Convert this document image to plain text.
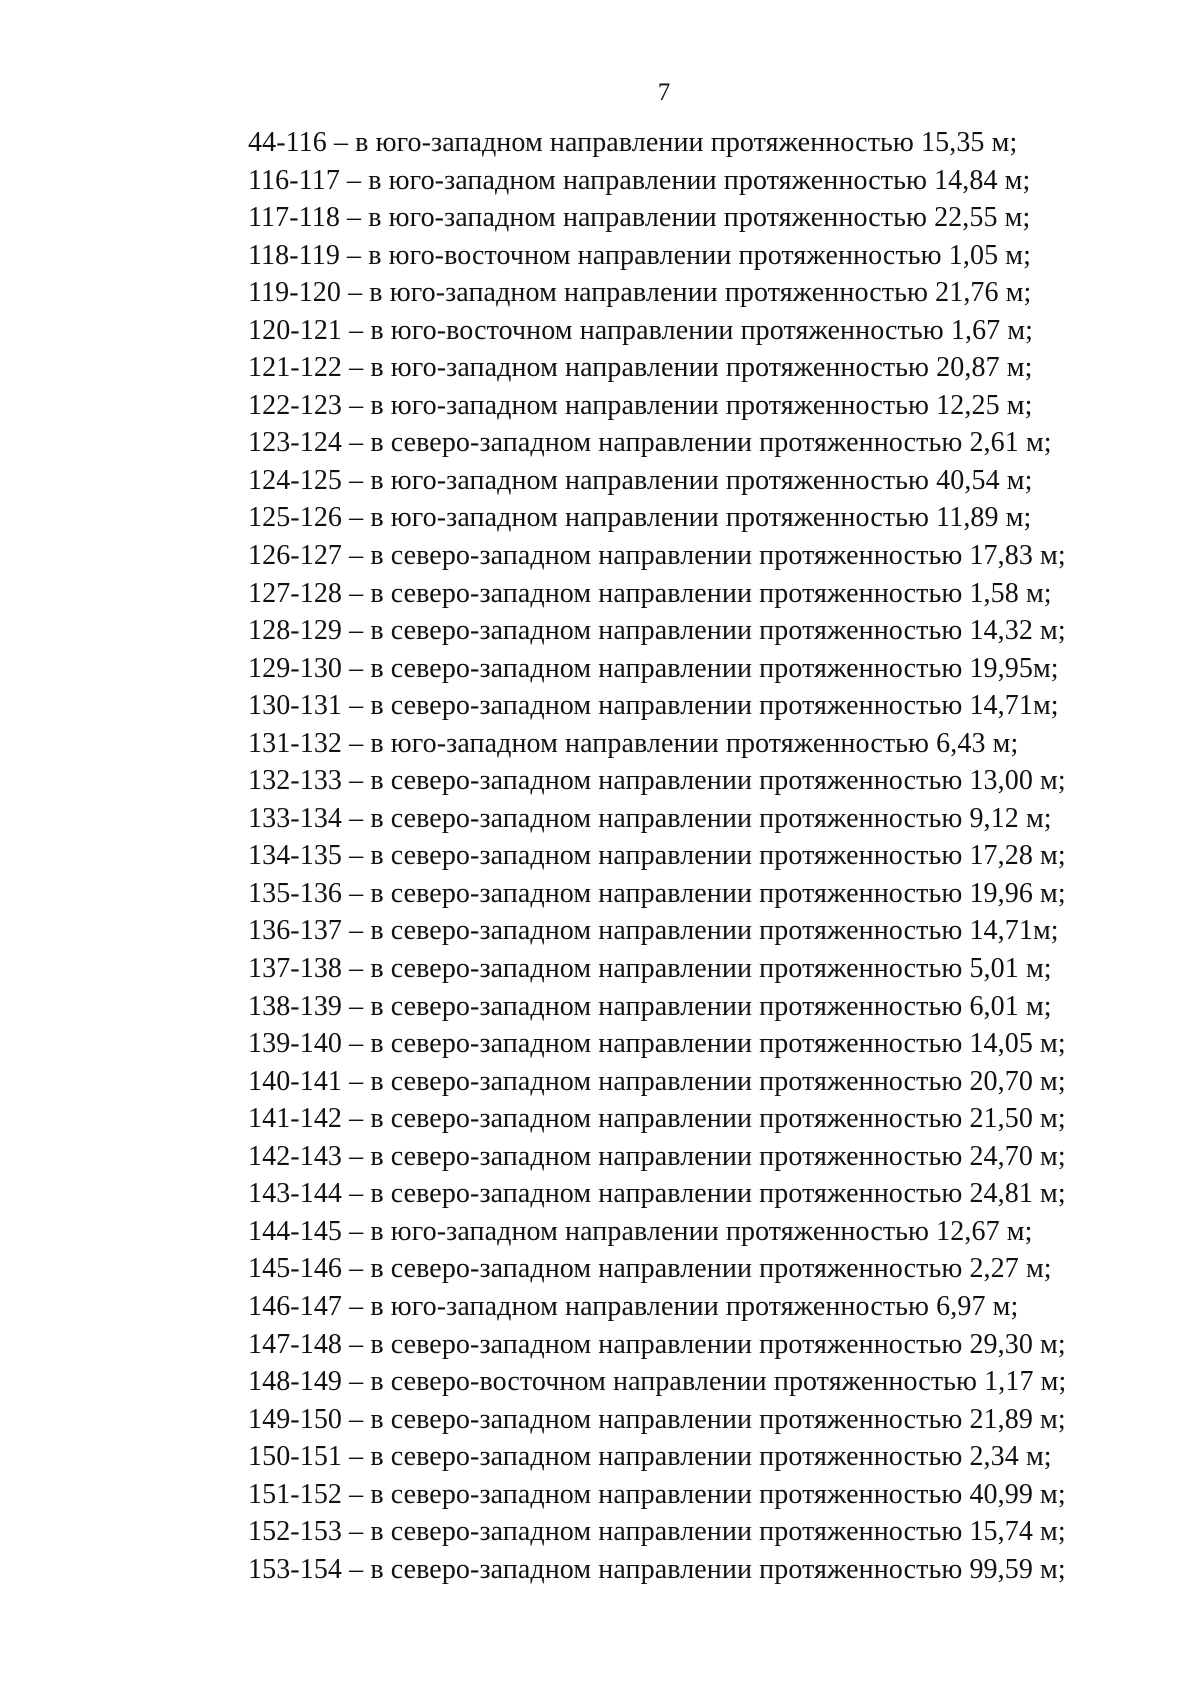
7
44-116 – в юго-западном направлении протяженностью 15,35 м;
116-117 – в юго-западном направлении протяженностью 14,84 м;
117-118 – в юго-западном направлении протяженностью 22,55 м;
118-119 – в юго-восточном направлении протяженностью 1,05 м;
119-120 – в юго-западном направлении протяженностью 21,76 м;
120-121 – в юго-восточном направлении протяженностью 1,67 м;
121-122 – в юго-западном направлении протяженностью 20,87 м;
122-123 – в юго-западном направлении протяженностью 12,25 м;
123-124 – в северо-западном направлении протяженностью 2,61 м;
124-125 – в юго-западном направлении протяженностью 40,54 м;
125-126 – в юго-западном направлении протяженностью 11,89 м;
126-127 – в северо-западном направлении протяженностью 17,83 м;
127-128 – в северо-западном направлении протяженностью 1,58 м;
128-129 – в северо-западном направлении протяженностью 14,32 м;
129-130 – в северо-западном направлении протяженностью 19,95м;
130-131 – в северо-западном направлении протяженностью 14,71м;
131-132 – в юго-западном направлении протяженностью 6,43 м;
132-133 – в северо-западном направлении протяженностью 13,00 м;
133-134 – в северо-западном направлении протяженностью 9,12 м;
134-135 – в северо-западном направлении протяженностью 17,28 м;
135-136 – в северо-западном направлении протяженностью 19,96 м;
136-137 – в северо-западном направлении протяженностью 14,71м;
137-138 – в северо-западном направлении протяженностью 5,01 м;
138-139 – в северо-западном направлении протяженностью 6,01 м;
139-140 – в северо-западном направлении протяженностью 14,05 м;
140-141 – в северо-западном направлении протяженностью 20,70 м;
141-142 – в северо-западном направлении протяженностью 21,50 м;
142-143 – в северо-западном направлении протяженностью 24,70 м;
143-144 – в северо-западном направлении протяженностью 24,81 м;
144-145 – в юго-западном направлении протяженностью 12,67 м;
145-146 – в северо-западном направлении протяженностью 2,27 м;
146-147 – в юго-западном направлении протяженностью 6,97 м;
147-148 – в северо-западном направлении протяженностью 29,30 м;
148-149 – в северо-восточном направлении протяженностью 1,17 м;
149-150 – в северо-западном направлении протяженностью 21,89 м;
150-151 – в северо-западном направлении протяженностью 2,34 м;
151-152 – в северо-западном направлении протяженностью 40,99 м;
152-153 – в северо-западном направлении протяженностью 15,74 м;
153-154 – в северо-западном направлении протяженностью 99,59 м;
